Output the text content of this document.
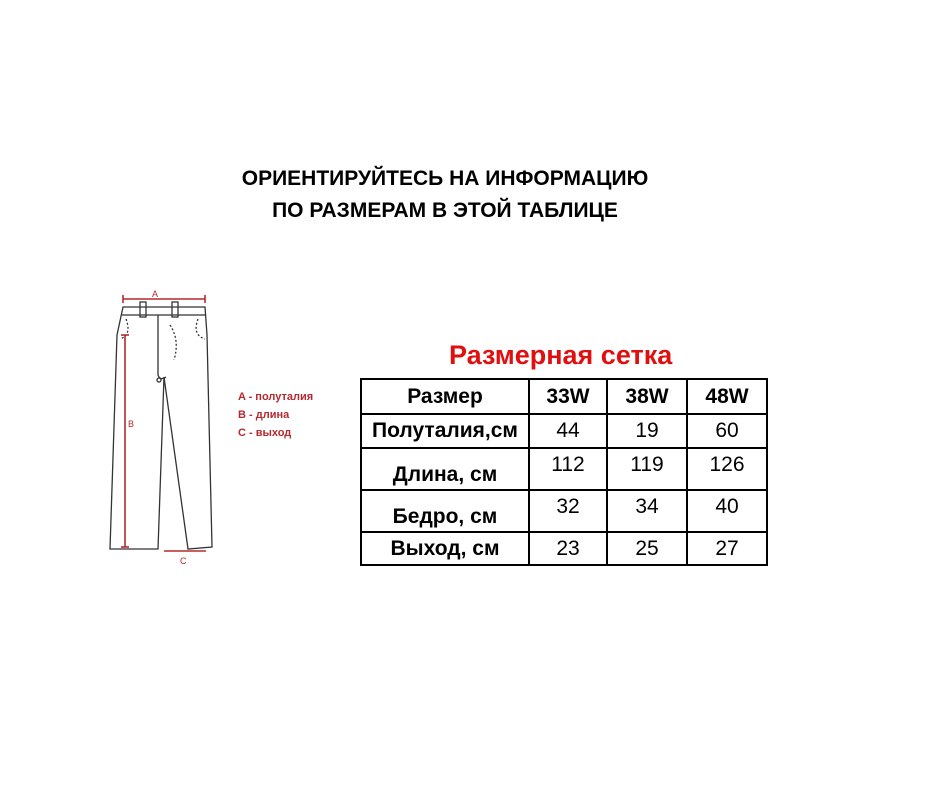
ОРИЕНТИРУЙТЕСЬ НА ИНФОРМАЦИЮ
ПО РАЗМЕРАМ В ЭТОЙ ТАБЛИЦЕ
A
B
C
A - полуталия
B - длина
C - выход
Размерная сетка
Размер	33W	38W	48W
Полуталия,см	44	19	60
Длина, см	112	119	126
Бедро, см	32	34	40
Выход, см	23	25	27
